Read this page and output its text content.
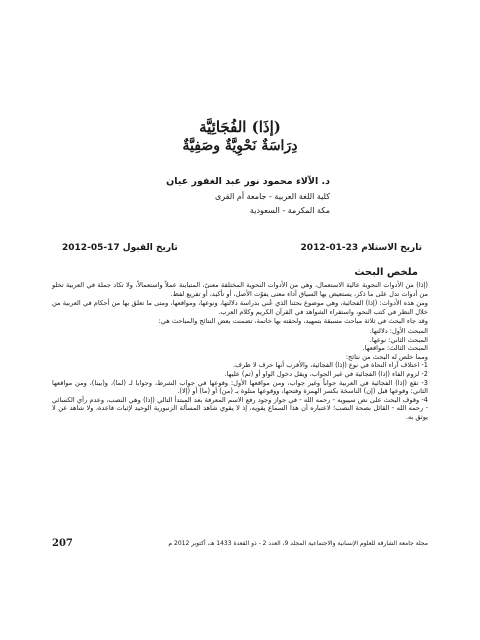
(إذَا) الفُجَائِيَّة
دِرَاسَةٌ نَحْوِيَّةٌ وصَفِيَّةٌ
د. الآلاء محمود نور عبد الغفور عيان
كلية اللغة العربية - جامعة أم القرى
مكة المكرمة - السعودية
تاريخ الاستلام 23-01-2012
تاريخ القبول 17-05-2012
ملخص البحث

(إذا) من الأدوات النحوية عالية الاستعمال، وهي من الأدوات النحوية المختلفة معنىً، المتباينة عملاً واستعمالاً، ولا تكاد جملة في العربية تخلو من أدوات تدل على ما ذكر، يستعيض بها السياق أداء معنى يفوّت الأصل، أو تأكيد، أو تفريع لفظ.

ومن هذه الأدوات: (إذا) الفجائية، وهي موضوع بحثنا الذي عُني بدراسة دلالتها، ونوعها، ومواقعها، ومتى ما تعلق بها من أحكام في العربية من خلال النظر في كتب النحو، واستقراء الشواهد في القرآن الكريم وكلام العرب.

وقد جاء البحث في ثلاثة مباحث مسبقة بتمهيد، ولحقته بها خاتمة، تضمنت بعض النتائج والمباحث هي:

المبحث الأول: دلالتها.
المبحث الثاني: نوعها.
المبحث الثالث: مواقعها.
ومما خلص له البحث من نتائج:
1- اختلاف آراء النحاة في نوع (إذا) الفجائية، والأقرب أنها حرف لا ظرف.
2- لزوم الفاء (إذا) الفجائية في غير الجواب، ويقل دخول الواو أو (ثم) عليها.
3- تقع (إذا) الفجائية في العربية جواباً وغير جواب، ومن مواقعها الأول: وقوعها في جواب الشرط، وجوابا لـ (لما)، و(بينا)، ومن مواقعها الثاني: وقوعها قبل (إن) الناسخة بكسر الهمزة وفتحها، ووقوعها متلوة بـ (من) أو (ما) أو (إلا).
4- وقوف البحث على نص سيبويه - رحمه الله - في جواز وجود رفع الاسم المعرفة بعد المبتدأ التالي (إذا) وهي النصب، وعدم رأي الكسائي - رحمه الله - القائل بصحة النصب؛ لاعتباره أن هذا السماع يقويه، إذ لا يقوي شاهد المسألة الزنبورية الوحيد لإثبات قاعدة، ولا شاهد عن لا يوثق به.
207	مجلة جامعة الشارقة للعلوم الإنسانية والاجتماعية المجلد 9، العدد 2 - ذو القعدة 1433 هـ، أكتوبر 2012 م
